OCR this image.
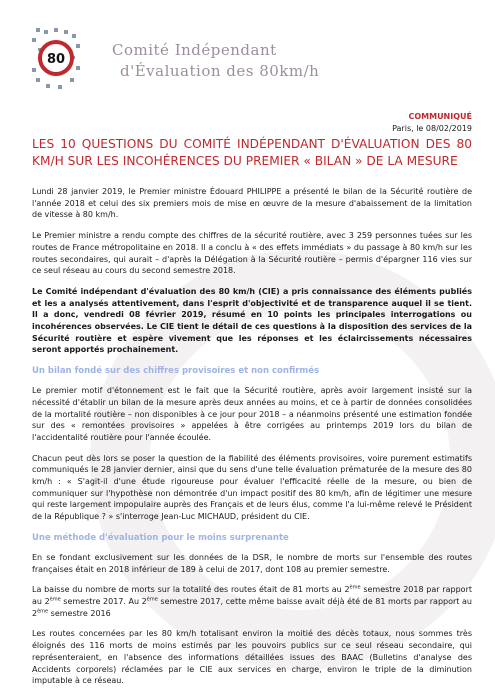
80
Comité Indépendant
d'Évaluation des 80km/h
COMMUNIQUÉ
Paris, le 08/02/2019
LES 10 QUESTIONS DU COMITÉ INDÉPENDANT D'ÉVALUATION DES 80 KM/H SUR LES INCOHÉRENCES DU PREMIER « BILAN » DE LA MESURE

Lundi 28 janvier 2019, le Premier ministre Édouard PHILIPPE a présenté le bilan de la Sécurité routière de l'année 2018 et celui des six premiers mois de mise en œuvre de la mesure d'abaissement de la limitation de vitesse à 80 km/h.

Le Premier ministre a rendu compte des chiffres de la sécurité routière, avec 3 259 personnes tuées sur les routes de France métropolitaine en 2018. Il a conclu à « des effets immédiats » du passage à 80 km/h sur les routes secondaires, qui aurait – d'après la Délégation à la Sécurité routière – permis d'épargner 116 vies sur ce seul réseau au cours du second semestre 2018.

Le Comité indépendant d'évaluation des 80 km/h (CIE) a pris connaissance des éléments publiés et les a analysés attentivement, dans l'esprit d'objectivité et de transparence auquel il se tient. Il a donc, vendredi 08 février 2019, résumé en 10 points les principales interrogations ou incohérences observées. Le CIE tient le détail de ces questions à la disposition des services de la Sécurité routière et espère vivement que les réponses et les éclaircissements nécessaires seront apportés prochainement.

Un bilan fondé sur des chiffres provisoires et non confirmés

Le premier motif d'étonnement est le fait que la Sécurité routière, après avoir largement insisté sur la nécessité d'établir un bilan de la mesure après deux années au moins, et ce à partir de données consolidées de la mortalité routière – non disponibles à ce jour pour 2018 – a néanmoins présenté une estimation fondée sur des « remontées provisoires » appelées à être corrigées au printemps 2019 lors du bilan de l'accidentalité routière pour l'année écoulée.

Chacun peut dès lors se poser la question de la fiabilité des éléments provisoires, voire purement estimatifs communiqués le 28 janvier dernier, ainsi que du sens d'une telle évaluation prématurée de la mesure des 80 km/h : « S'agit-il d'une étude rigoureuse pour évaluer l'efficacité réelle de la mesure, ou bien de communiquer sur l'hypothèse non démontrée d'un impact positif des 80 km/h, afin de légitimer une mesure qui reste largement impopulaire auprès des Français et de leurs élus, comme l'a lui-même relevé le Président de la République ? » s'interroge Jean-Luc MICHAUD, président du CIE.

Une méthode d'évaluation pour le moins surprenante

En se fondant exclusivement sur les données de la DSR, le nombre de morts sur l'ensemble des routes françaises était en 2018 inférieur de 189 à celui de 2017, dont 108 au premier semestre.

La baisse du nombre de morts sur la totalité des routes était de 81 morts au 2ème semestre 2018 par rapport au 2ème semestre 2017. Au 2ème semestre 2017, cette même baisse avait déjà été de 81 morts par rapport au 2ème semestre 2016

Les routes concernées par les 80 km/h totalisant environ la moitié des décès totaux, nous sommes très éloignés des 116 morts de moins estimés par les pouvoirs publics sur ce seul réseau secondaire, qui représenteraient, en l'absence des informations détaillées issues des BAAC (Bulletins d'analyse des Accidents corporels) réclamées par le CIE aux services en charge, environ le triple de la diminution imputable à ce réseau.
